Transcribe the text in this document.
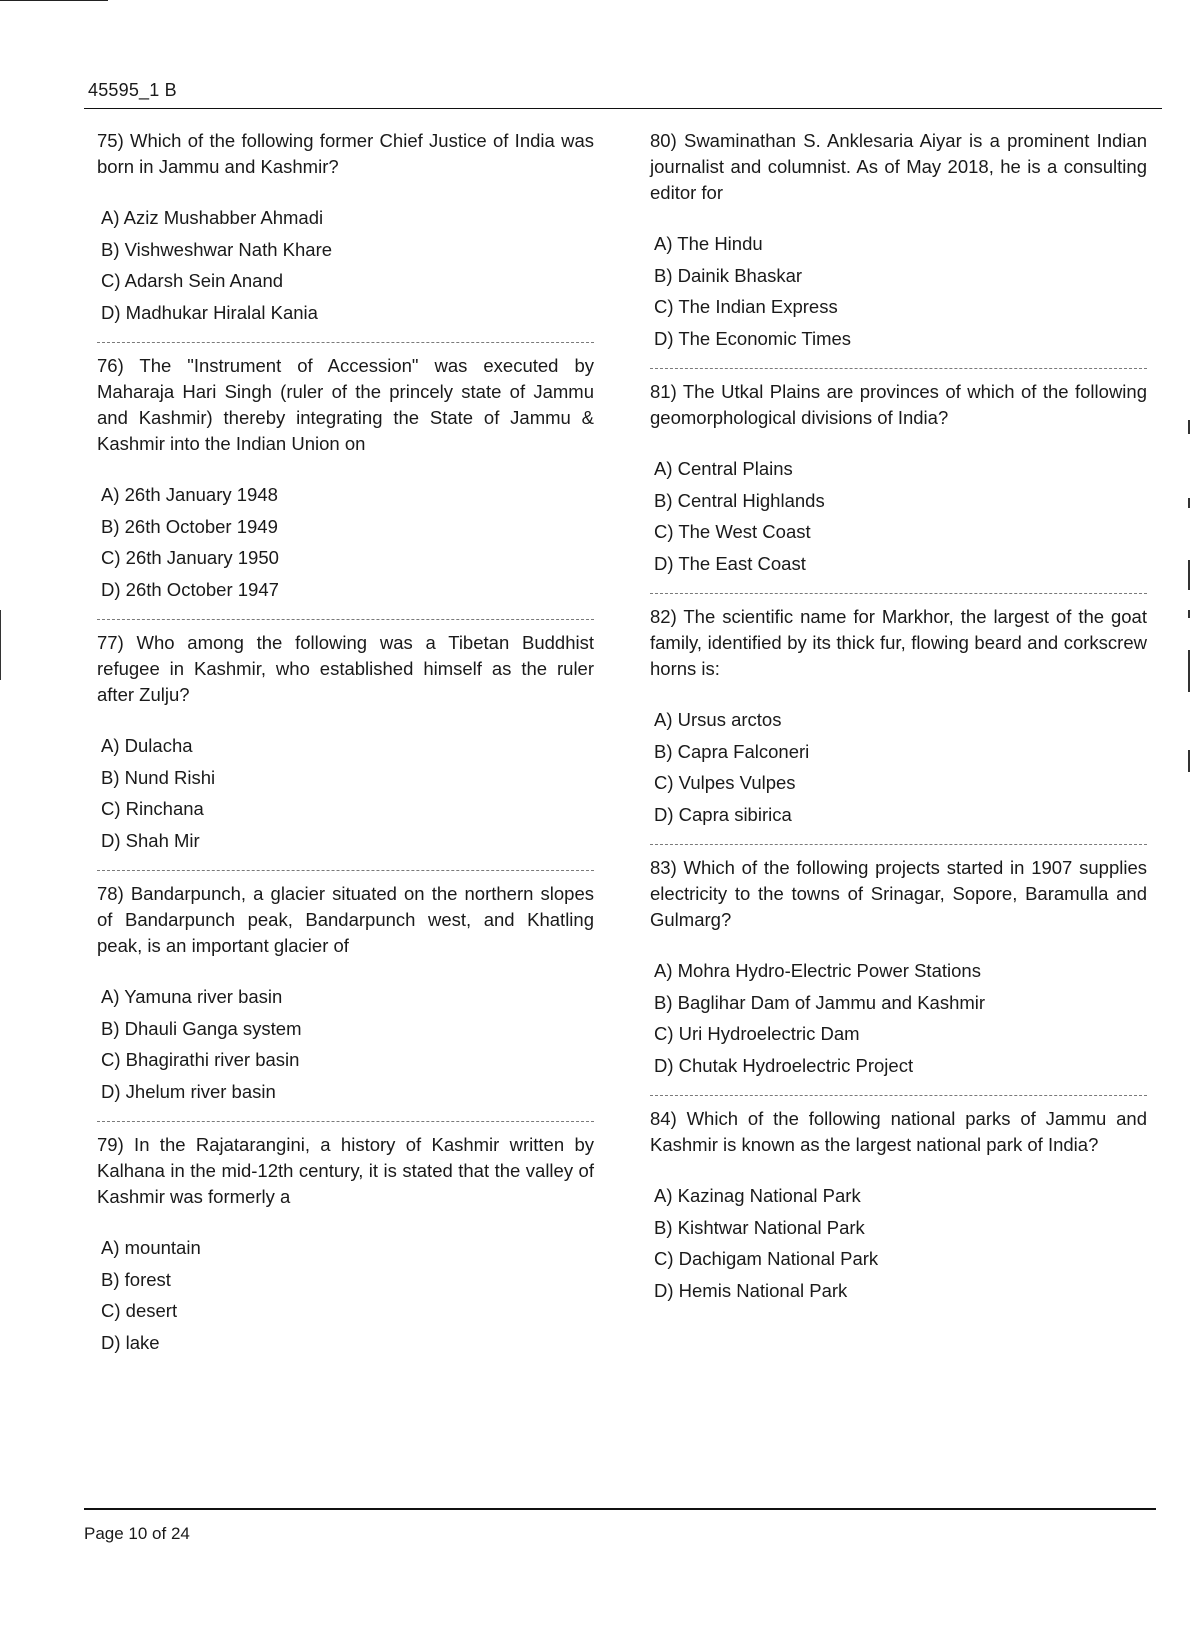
45595_1 B

75) Which of the following former Chief Justice of India was born in Jammu and Kashmir?

A) Aziz Mushabber Ahmadi
B) Vishweshwar Nath Khare
C) Adarsh Sein Anand
D) Madhukar Hiralal Kania

76) The "Instrument of Accession" was executed by Maharaja Hari Singh (ruler of the princely state of Jammu and Kashmir) thereby integrating the State of Jammu & Kashmir into the Indian Union on

A) 26th January 1948
B) 26th October 1949
C) 26th January 1950
D) 26th October 1947

77) Who among the following was a Tibetan Buddhist refugee in Kashmir, who established himself as the ruler after Zulju?

A) Dulacha
B) Nund Rishi
C) Rinchana
D) Shah Mir

78) Bandarpunch, a glacier situated on the northern slopes of Bandarpunch peak, Bandarpunch west, and Khatling peak, is an important glacier of

A) Yamuna river basin
B) Dhauli Ganga system
C) Bhagirathi river basin
D) Jhelum river basin

79) In the Rajatarangini, a history of Kashmir written by Kalhana in the mid-12th century, it is stated that the valley of Kashmir was formerly a

A) mountain
B) forest
C) desert
D) lake

80) Swaminathan S. Anklesaria Aiyar is a prominent Indian journalist and columnist. As of May 2018, he is a consulting editor for

A) The Hindu
B) Dainik Bhaskar
C) The Indian Express
D) The Economic Times

81) The Utkal Plains are provinces of which of the following geomorphological divisions of India?

A) Central Plains
B) Central Highlands
C) The West Coast
D) The East Coast

82) The scientific name for Markhor, the largest of the goat family, identified by its thick fur, flowing beard and corkscrew horns is:

A) Ursus arctos
B) Capra Falconeri
C) Vulpes Vulpes
D) Capra sibirica

83) Which of the following projects started in 1907 supplies electricity to the towns of Srinagar, Sopore, Baramulla and Gulmarg?

A) Mohra Hydro-Electric Power Stations
B) Baglihar Dam of Jammu and Kashmir
C) Uri Hydroelectric Dam
D) Chutak Hydroelectric Project

84) Which of the following national parks of Jammu and Kashmir is known as the largest national park of India?

A) Kazinag National Park
B) Kishtwar National Park
C) Dachigam National Park
D) Hemis National Park
Page 10 of 24
